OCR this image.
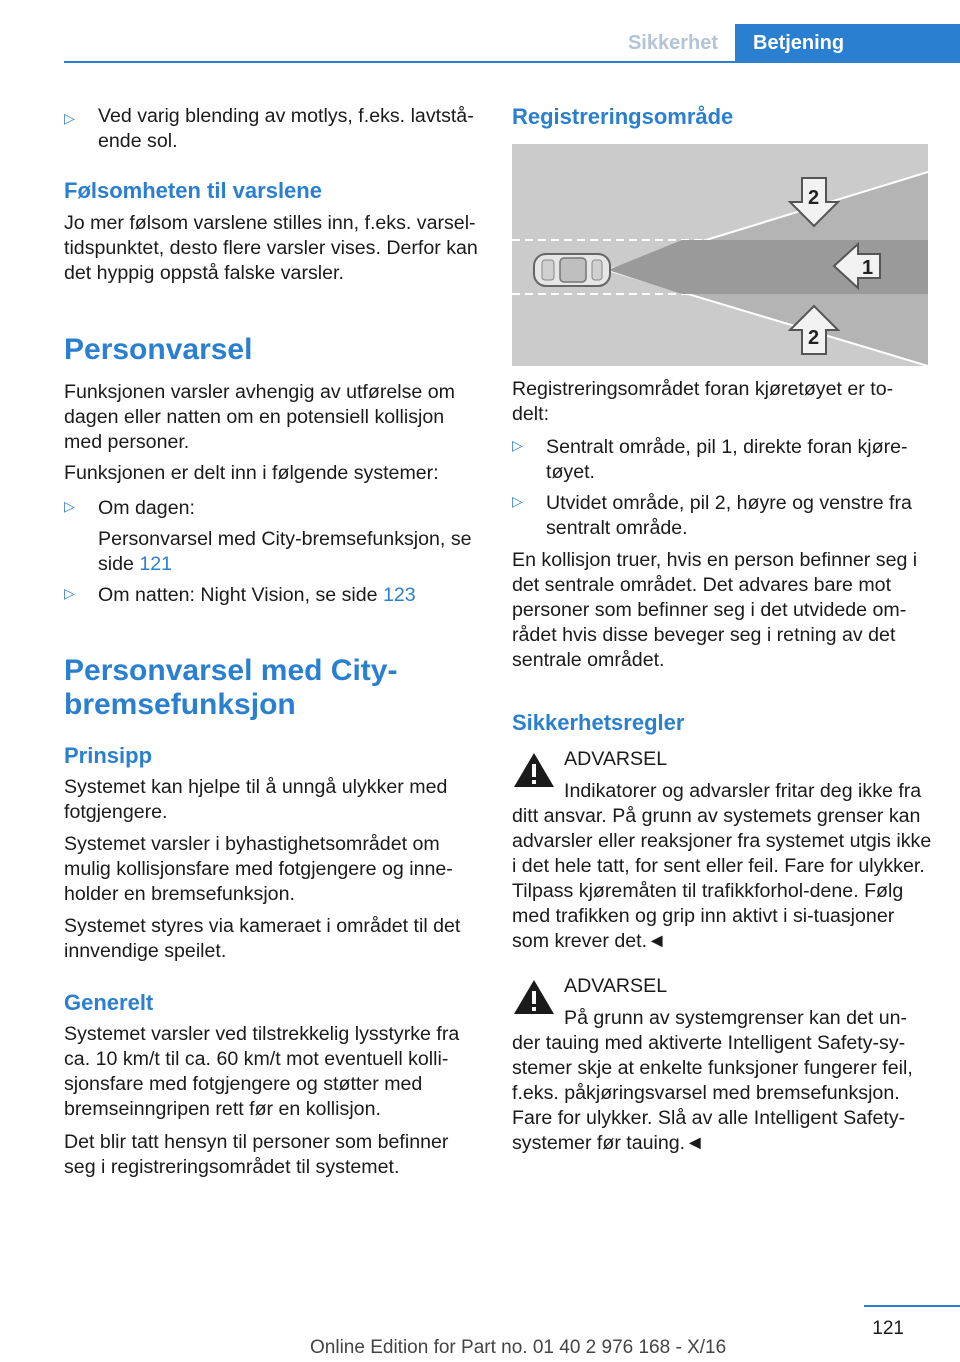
Sikkerhet	Betjening
▷ Ved varig blending av motlys, f.eks. lavtstå-ende sol.
Følsomheten til varslene

Jo mer følsom varslene stilles inn, f.eks. varsel-tidspunktet, desto flere varsler vises. Derfor kan det hyppig oppstå falske varsler.

Personvarsel

Funksjonen varsler avhengig av utførelse om dagen eller natten om en potensiell kollisjon med personer.

Funksjonen er delt inn i følgende systemer:

▷ Om dagen:

Personvarsel med City-bremsefunksjon, se side 121

▷ Om natten: Night Vision, se side 123

Personvarsel med City-bremsefunksjon
Prinsipp

Systemet kan hjelpe til å unngå ulykker med fotgjengere.

Systemet varsler i byhastighetsområdet om mulig kollisjonsfare med fotgjengere og inne-holder en bremsefunksjon.

Systemet styres via kameraet i området til det innvendige speilet.

Generelt

Systemet varsler ved tilstrekkelig lysstyrke fra ca. 10 km/t til ca. 60 km/t mot eventuell kolli-sjonsfare med fotgjengere og støtter med bremseinngripen rett før en kollisjon.

Det blir tatt hensyn til personer som befinner seg i registreringsområdet til systemet.

Registreringsområde
1
2
2

Registreringsområdet foran kjøretøyet er to-delt:

▷ Sentralt område, pil 1, direkte foran kjøre-tøyet.

▷ Utvidet område, pil 2, høyre og venstre fra sentralt område.

En kollisjon truer, hvis en person befinner seg i det sentrale området. Det advares bare mot personer som befinner seg i det utvidede om-rådet hvis disse beveger seg i retning av det sentrale området.

Sikkerhetsregler

ADVARSEL

Indikatorer og advarsler fritar deg ikke fra ditt ansvar. På grunn av systemets grenser kan advarsler eller reaksjoner fra systemet utgis ikke i det hele tatt, for sent eller feil. Fare for ulykker. Tilpass kjøremåten til trafikkforhol-dene. Følg med trafikken og grip inn aktivt i si-tuasjoner som krever det.◄

ADVARSEL

På grunn av systemgrenser kan det un-der tauing med aktiverte Intelligent Safety-sy-stemer skje at enkelte funksjoner fungerer feil, f.eks. påkjøringsvarsel med bremsefunksjon. Fare for ulykker. Slå av alle Intelligent Safety-systemer før tauing.◄

121
Online Edition for Part no. 01 40 2 976 168 - X/16
